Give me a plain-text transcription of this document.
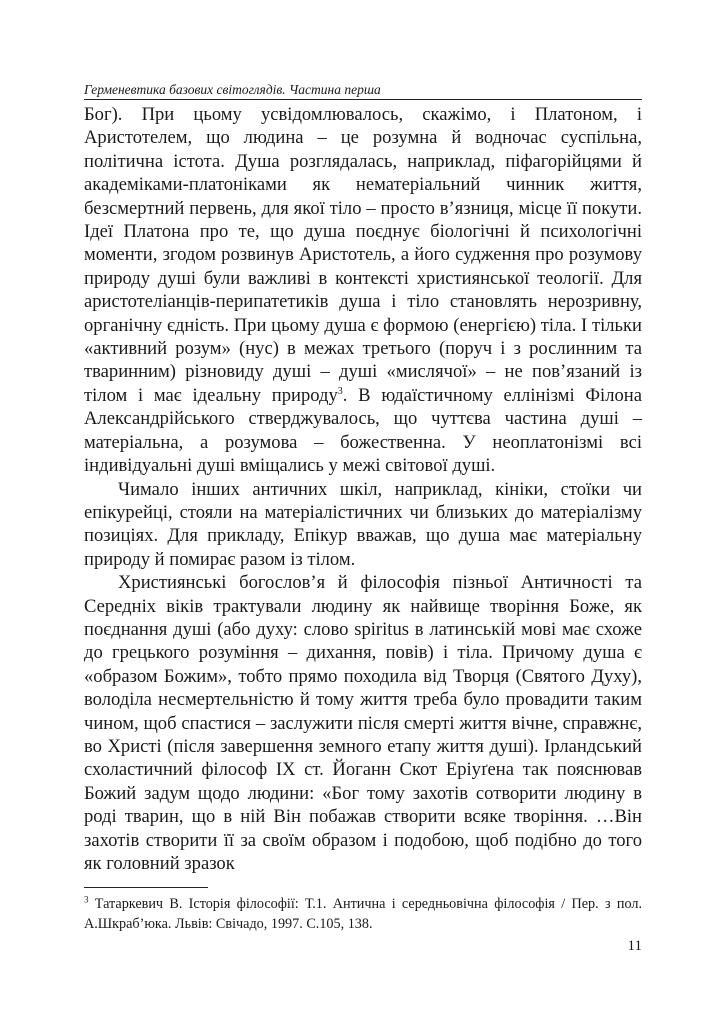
Герменевтика базових світоглядів. Частина перша

Бог). При цьому усвідомлювалось, скажімо, і Платоном, і Аристотелем, що людина – це розумна й водночас суспільна, політична істота. Душа розглядалась, наприклад, піфагорійцями й академіками-платоніками як нематеріальний чинник життя, безсмертний первень, для якої тіло – просто в’язниця, місце її покути. Ідеї Платона про те, що душа поєднує біологічні й психологічні моменти, згодом розвинув Аристотель, а його судження про розумову природу душі були важливі в контексті християнської теології. Для аристотеліанців-перипатетиків душа і тіло становлять нерозривну, органічну єдність. При цьому душа є формою (енергією) тіла. І тільки «активний розум» (нус) в межах третього (поруч і з рослинним та тваринним) різновиду душі – душі «мислячої» – не пов’язаний із тілом і має ідеальну природу$^3$. В юдаїстичному еллінізмі Філона Александрійського стверджувалось, що чуттєва частина душі – матеріальна, а розумова – божественна. У неоплатонізмі всі індивідуальні душі вміщались у межі світової душі.

Чимало інших античних шкіл, наприклад, кініки, стоїки чи епікурейці, стояли на матеріалістичних чи близьких до матеріалізму позиціях. Для прикладу, Епікур вважав, що душа має матеріальну природу й помирає разом із тілом.

Християнські богослов’я й філософія пізньої Античності та Середніх віків трактували людину як найвище творіння Боже, як поєднання душі (або духу: слово spiritus в латинській мові має схоже до грецького розуміння – дихання, повів) і тіла. Причому душа є «образом Божим», тобто прямо походила від Творця (Святого Духу), володіла несмертельністю й тому життя треба було провадити таким чином, щоб спастися – заслужити після смерті життя вічне, справжнє, во Христі (після завершення земного етапу життя душі). Ірландський схоластичний філософ IX ст. Йоганн Скот Еріуґена так пояснював Божий задум щодо людини: «Бог тому захотів сотворити людину в роді тварин, що в ній Він побажав створити всяке творіння. …Він захотів створити її за своїм образом і подобою, щоб подібно до того як головний зразок

$^3$ Татаркевич В. Історія філософії: Т.1. Антична і середньовічна філософія / Пер. з пол. А.Шкраб’юка. Львів: Свічадо, 1997. С.105, 138.
11
